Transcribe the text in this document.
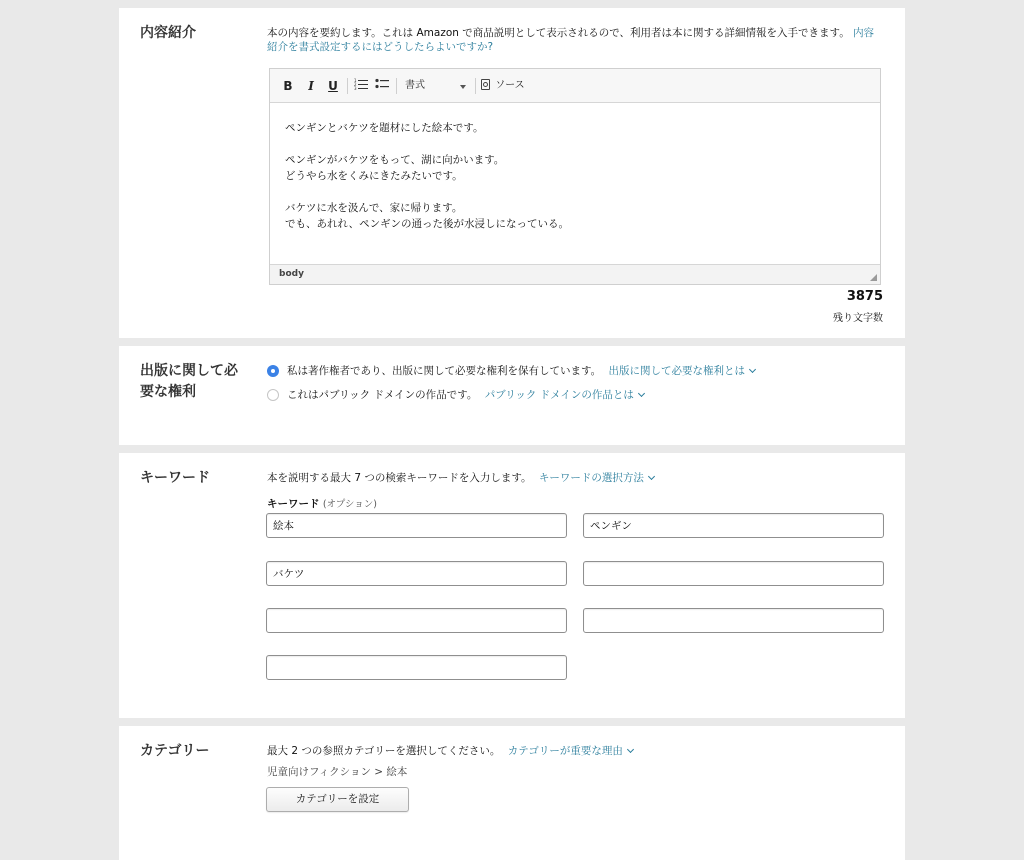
内容紹介	本の内容を要約します。これは Amazon で商品説明として表示されるので、利用者は本に関する詳細情報を入手できます。 内容紹介を書式設定するにはどうしたらよいですか?
B	I	U	1
2
3	書式	ソース

ペンギンとバケツを題材にした絵本です。

ペンギンがバケツをもって、湖に向かいます。

どうやら水をくみにきたみたいです。

バケツに水を汲んで、家に帰ります。

でも、あれれ、ペンギンの通った後が水浸しになっている。

body
3875
残り文字数
出版に関して必
要な権利
私は著作権者であり、出版に関して必要な権利を保有しています。 出版に関して必要な権利とは
これはパブリック ドメインの作品です。 パブリック ドメインの作品とは
キーワード	本を説明する最大 7 つの検索キーワードを入力します。 キーワードの選択方法
キーワード (オプション)
絵本
ペンギン
バケツ
カテゴリー	最大 2 つの参照カテゴリーを選択してください。 カテゴリーが重要な理由
児童向けフィクション > 絵本
カテゴリーを設定
